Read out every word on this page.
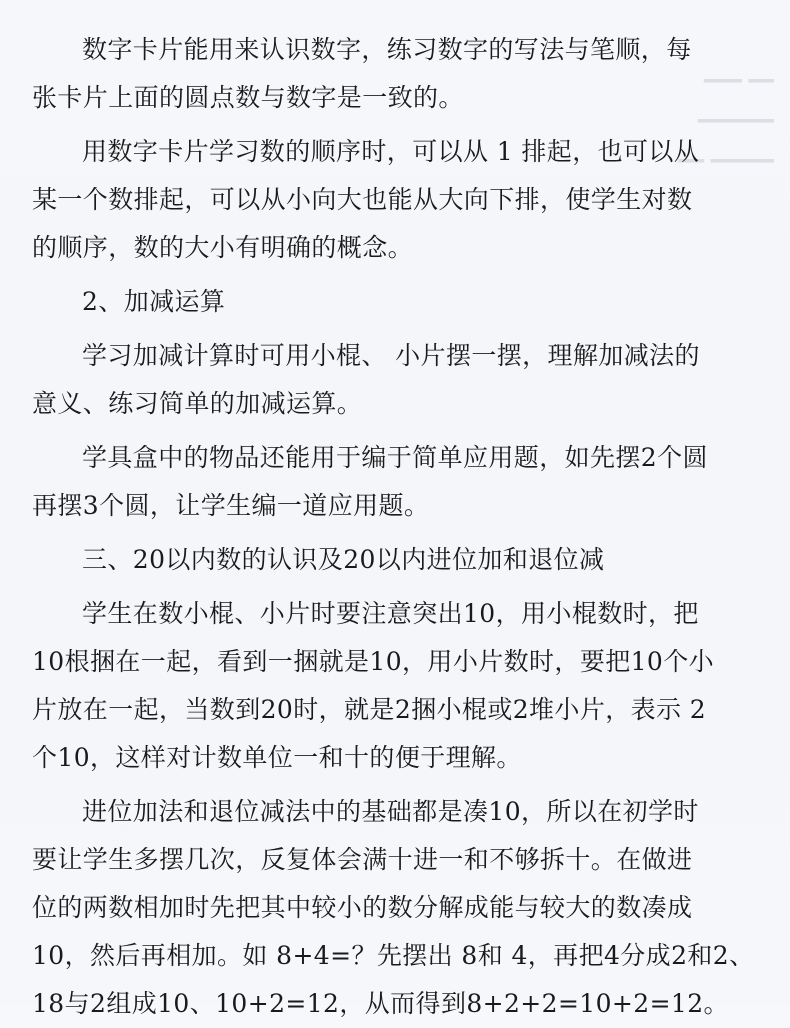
━━ ━━━
━━━━━━
━━━━━ ━━

数字卡片能用来认识数字，练习数字的写法与笔顺，每

张卡片上面的圆点数与数字是一致的。

用数字卡片学习数的顺序时，可以从 1 排起，也可以从

某一个数排起，可以从小向大也能从大向下排，使学生对数

的顺序，数的大小有明确的概念。

2、加减运算

学习加减计算时可用小棍、 小片摆一摆，理解加减法的

意义、练习简单的加减运算。

学具盒中的物品还能用于编于简单应用题，如先摆2个圆

再摆3个圆，让学生编一道应用题。

三、20以内数的认识及20以内进位加和退位减

学生在数小棍、小片时要注意突出10，用小棍数时，把

10根捆在一起，看到一捆就是10，用小片数时，要把10个小

片放在一起，当数到20时，就是2捆小棍或2堆小片，表示 2

个10，这样对计数单位一和十的便于理解。

进位加法和退位减法中的基础都是凑10，所以在初学时

要让学生多摆几次，反复体会满十进一和不够拆十。在做进

位的两数相加时先把其中较小的数分解成能与较大的数凑成

10，然后再相加。如 8+4=？先摆出 8和 4，再把4分成2和2、

18与2组成10、10+2=12，从而得到8+2+2=10+2=12。
